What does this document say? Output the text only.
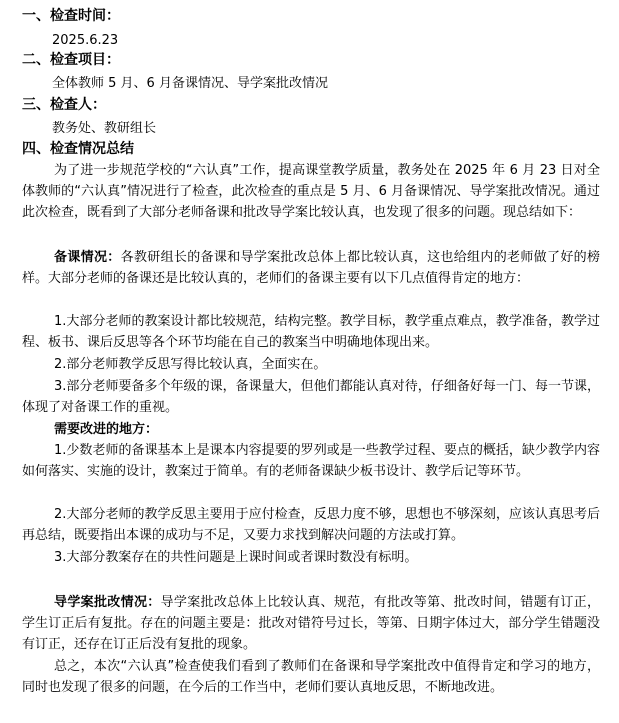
一、检查时间：
2025.6.23
二、检查项目：
全体教师 5 月、6 月备课情况、导学案批改情况
三、检查人：
教务处、教研组长
四、检查情况总结
为了进一步规范学校的“六认真”工作，提高课堂教学质量，教务处在 2025 年 6 月 23 日对全体教师的“六认真”情况进行了检查，此次检查的重点是 5 月、6 月备课情况、导学案批改情况。通过此次检查，既看到了大部分老师备课和批改导学案比较认真，也发现了很多的问题。现总结如下：
备课情况：各教研组长的备课和导学案批改总体上都比较认真，这也给组内的老师做了好的榜样。大部分老师的备课还是比较认真的，老师们的备课主要有以下几点值得肯定的地方：
1.大部分老师的教案设计都比较规范，结构完整。教学目标，教学重点难点，教学准备，教学过程、板书、课后反思等各个环节均能在自己的教案当中明确地体现出来。
2.部分老师教学反思写得比较认真，全面实在。
3.部分老师要备多个年级的课，备课量大，但他们都能认真对待，仔细备好每一门、每一节课，体现了对备课工作的重视。
需要改进的地方：
1.少数老师的备课基本上是课本内容提要的罗列或是一些教学过程、要点的概括，缺少教学内容如何落实、实施的设计，教案过于简单。有的老师备课缺少板书设计、教学后记等环节。
2.大部分老师的教学反思主要用于应付检查，反思力度不够，思想也不够深刻，应该认真思考后再总结，既要指出本课的成功与不足，又要力求找到解决问题的方法或打算。
3.大部分教案存在的共性问题是上课时间或者课时数没有标明。
导学案批改情况：导学案批改总体上比较认真、规范，有批改等第、批改时间，错题有订正，学生订正后有复批。存在的问题主要是：批改对错符号过长，等第、日期字体过大，部分学生错题没有订正，还存在订正后没有复批的现象。
总之，本次“六认真”检查使我们看到了教师们在备课和导学案批改中值得肯定和学习的地方，同时也发现了很多的问题，在今后的工作当中，老师们要认真地反思，不断地改进。
